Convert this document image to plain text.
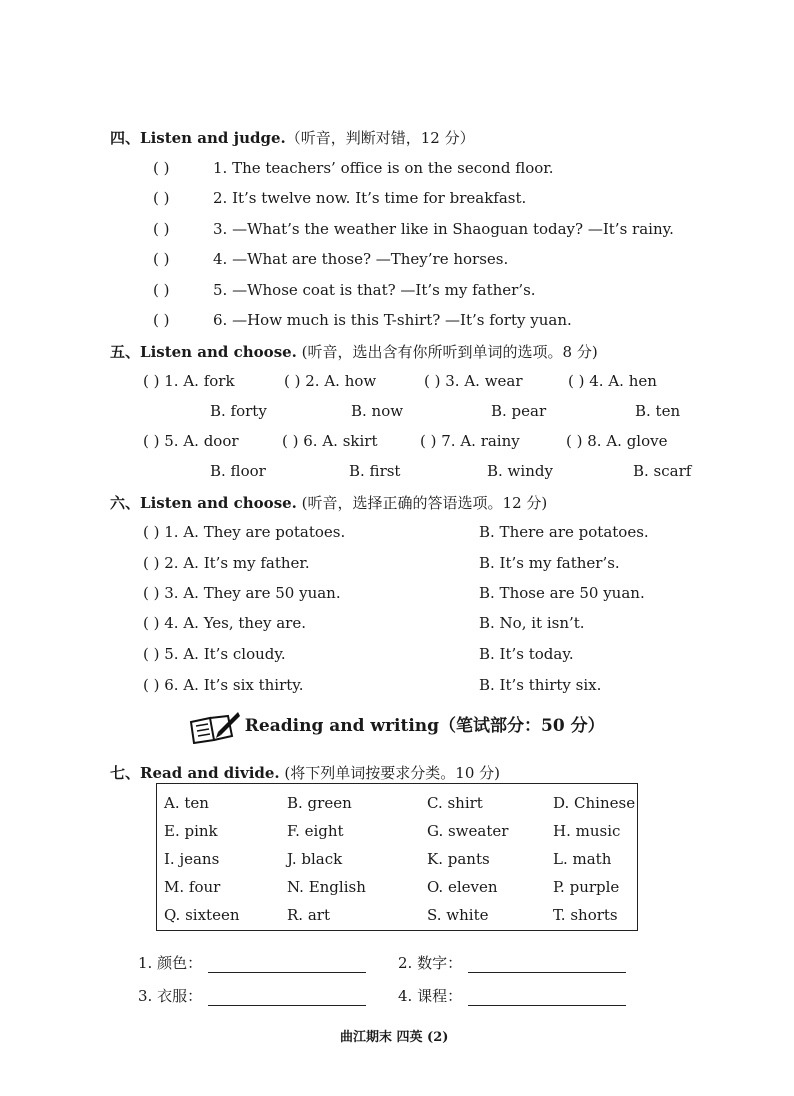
四、Listen and judge.（听音，判断对错，12 分）
( )	1. The teachers’ office is on the second floor.
( )	2. It’s twelve now. It’s time for breakfast.
( )	3. —What’s the weather like in Shaoguan today? —It’s rainy.
( )	4. —What are those? —They’re horses.
( )	5. —Whose coat is that? —It’s my father’s.
( )	6. —How much is this T-shirt? —It’s forty yuan.
五、Listen and choose. (听音，选出含有你所听到单词的选项。8 分)
( ) 1. A. fork	( ) 2. A. how	( ) 3. A. wear	( ) 4. A. hen
B. forty	B. now	B. pear	B. ten
( ) 5. A. door	( ) 6. A. skirt	( ) 7. A. rainy	( ) 8. A. glove
B. floor	B. first	B. windy	B. scarf
六、Listen and choose. (听音，选择正确的答语选项。12 分)
( ) 1. A. They are potatoes.	B. There are potatoes.
( ) 2. A. It’s my father.	B. It’s my father’s.
( ) 3. A. They are 50 yuan.	B. Those are 50 yuan.
( ) 4. A. Yes, they are.	B. No, it isn’t.
( ) 5. A. It’s cloudy.	B. It’s today.
( ) 6. A. It’s six thirty.	B. It’s thirty six.
Reading and writing（笔试部分：50 分）
七、Read and divide. (将下列单词按要求分类。10 分)
A. ten	B. green	C. shirt	D. Chinese
E. pink	F. eight	G. sweater	H. music
I. jeans	J. black	K. pants	L. math
M. four	N. English	O. eleven	P. purple
Q. sixteen	R. art	S. white	T. shorts
1. 颜色：	2. 数字：
3. 衣服：	4. 课程：
曲江期末 四英 (2)
